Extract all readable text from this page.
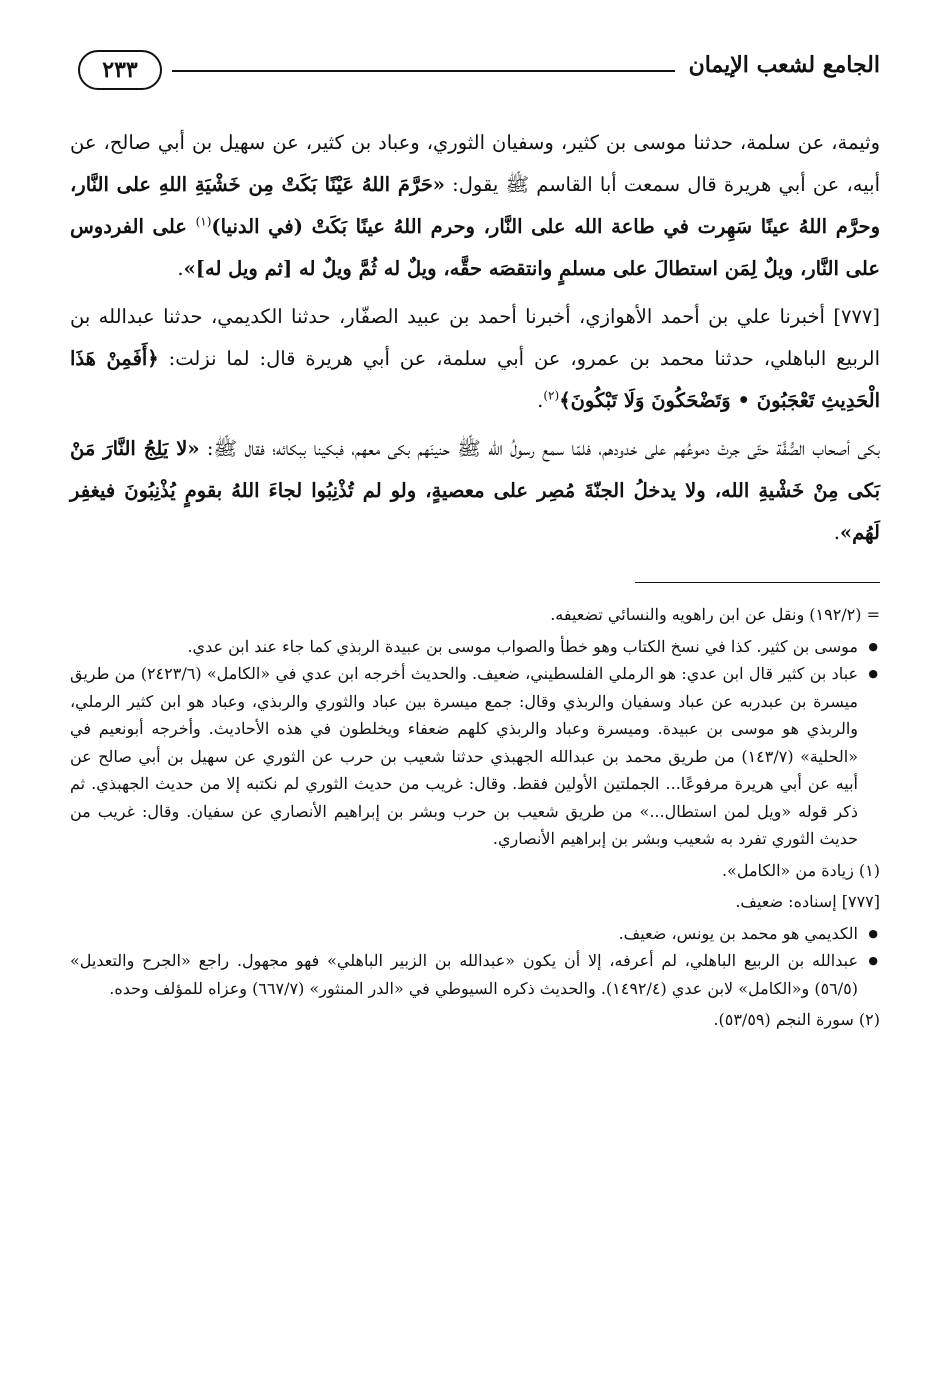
الجامع لشعب الإيمان
٢٣٣

وثيمة، عن سلمة، حدثنا موسى بن كثير، وسفيان الثوري، وعباد بن كثير، عن سهيل بن أبي صالح، عن أبيه، عن أبي هريرة قال سمعت أبا القاسم ﷺ يقول: «حَرَّمَ اللهُ عَيْنًا بَكَتْ مِن خَشْيَةِ اللهِ على النَّار، وحرَّم اللهُ عينًا سَهِرت في طاعة الله على النَّار، وحرم اللهُ عينًا بَكَتْ (في الدنيا)$^{(١)}$ على الفردوس على النَّار، ويلٌ لِمَن استطالَ على مسلمٍ وانتقصَه حقَّه، ويلٌ له ثُمَّ ويلٌ له [ثم ويل له]».

[٧٧٧] أخبرنا علي بن أحمد الأهوازي، أخبرنا أحمد بن عبيد الصفّار، حدثنا الكديمي، حدثنا عبدالله بن الربيع الباهلي، حدثنا محمد بن عمرو، عن أبي سلمة، عن أبي هريرة قال: لما نزلت: ﴿أَفَمِنْ هَذَا الْحَدِيثِ تَعْجَبُونَ • وَتَضْحَكُونَ وَلَا تَبْكُونَ﴾$^{(٢)}$.

بكى أصحاب الصُّفَّة حتّى جرتْ دموعُهم على خدودهم، فلمّا سمع رسولُ الله ﷺ حنينَهم بكى معهم، فبكينا ببكائه؛ فقال ﷺ: «لا يَلِجُ النَّارَ مَنْ بَكى مِنْ خَشْيةِ الله، ولا يدخلُ الجنّةَ مُصِر على معصيةٍ، ولو لم تُذْنِبُوا لجاءَ اللهُ بقومٍ يُذْنِبُونَ فيغفِر لَهُم».

= (١٩٢/٢) ونقل عن ابن راهويه والنسائي تضعيفه.

● موسى بن كثير. كذا في نسخ الكتاب وهو خطأ والصواب موسى بن عبيدة الربذي كما جاء عند ابن عدي.
● عباد بن كثير قال ابن عدي: هو الرملي الفلسطيني، ضعيف. والحديث أخرجه ابن عدي في «الكامل» (٢٤٢٣/٦) من طريق ميسرة بن عبدربه عن عباد وسفيان والربذي وقال: جمع ميسرة بين عباد والثوري والربذي، وعباد هو ابن كثير الرملي، والربذي هو موسى بن عبيدة. وميسرة وعباد والربذي كلهم ضعفاء ويخلطون في هذه الأحاديث. وأخرجه أبونعيم في «الحلية» (١٤٣/٧) من طريق محمد بن عبدالله الجهبذي حدثنا شعيب بن حرب عن الثوري عن سهيل بن أبي صالح عن أبيه عن أبي هريرة مرفوعًا... الجملتين الأولين فقط. وقال: غريب من حديث الثوري لم نكتبه إلا من حديث الجهبذي. ثم ذكر قوله «ويل لمن استطال...» من طريق شعيب بن حرب وبشر بن إبراهيم الأنصاري عن سفيان. وقال: غريب من حديث الثوري تفرد به شعيب وبشر بن إبراهيم الأنصاري.

(١) زيادة من «الكامل».

[٧٧٧] إسناده: ضعيف.

● الكديمي هو محمد بن يونس، ضعيف.
● عبدالله بن الربيع الباهلي، لم أعرفه، إلا أن يكون «عبدالله بن الزبير الباهلي» فهو مجهول. راجع «الجرح والتعديل» (٥٦/٥) و«الكامل» لابن عدي (١٤٩٢/٤). والحديث ذكره السيوطي في «الدر المنثور» (٦٦٧/٧) وعزاه للمؤلف وحده.

(٢) سورة النجم (٥٣/٥٩).
